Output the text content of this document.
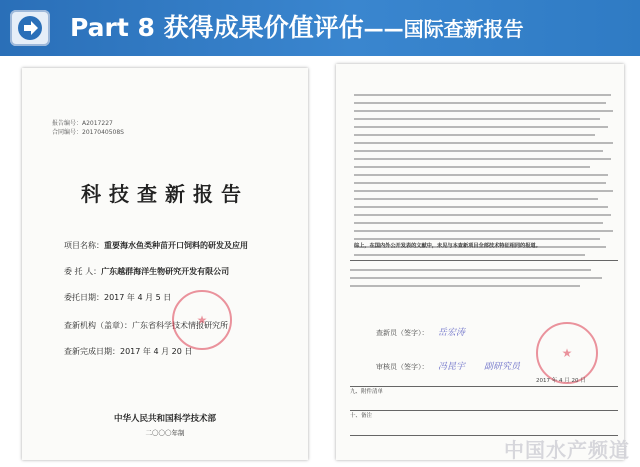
Part 8 获得成果价值评估——国际查新报告
报告编号：A2017227
合同编号：2017040508S
科技查新报告
项目名称：重要海水鱼类种苗开口饲料的研发及应用
委 托 人：广东越群海洋生物研究开发有限公司
委托日期：2017 年 4 月 5 日
查新机构（盖章）：广东省科学技术情报研究所
查新完成日期：2017 年 4 月 20 日
★
中华人民共和国科学技术部
二〇〇〇年制
综上，在国内外公开发表的文献中，未见与本查新项目全部技术特征相同的报道。
查新员（签字）： 岳宏涛
审核员（签字）： 冯昆宇 副研究员
★
2017 年 4 月 20 日
九、附件清单
十、备注
中国水产频道
